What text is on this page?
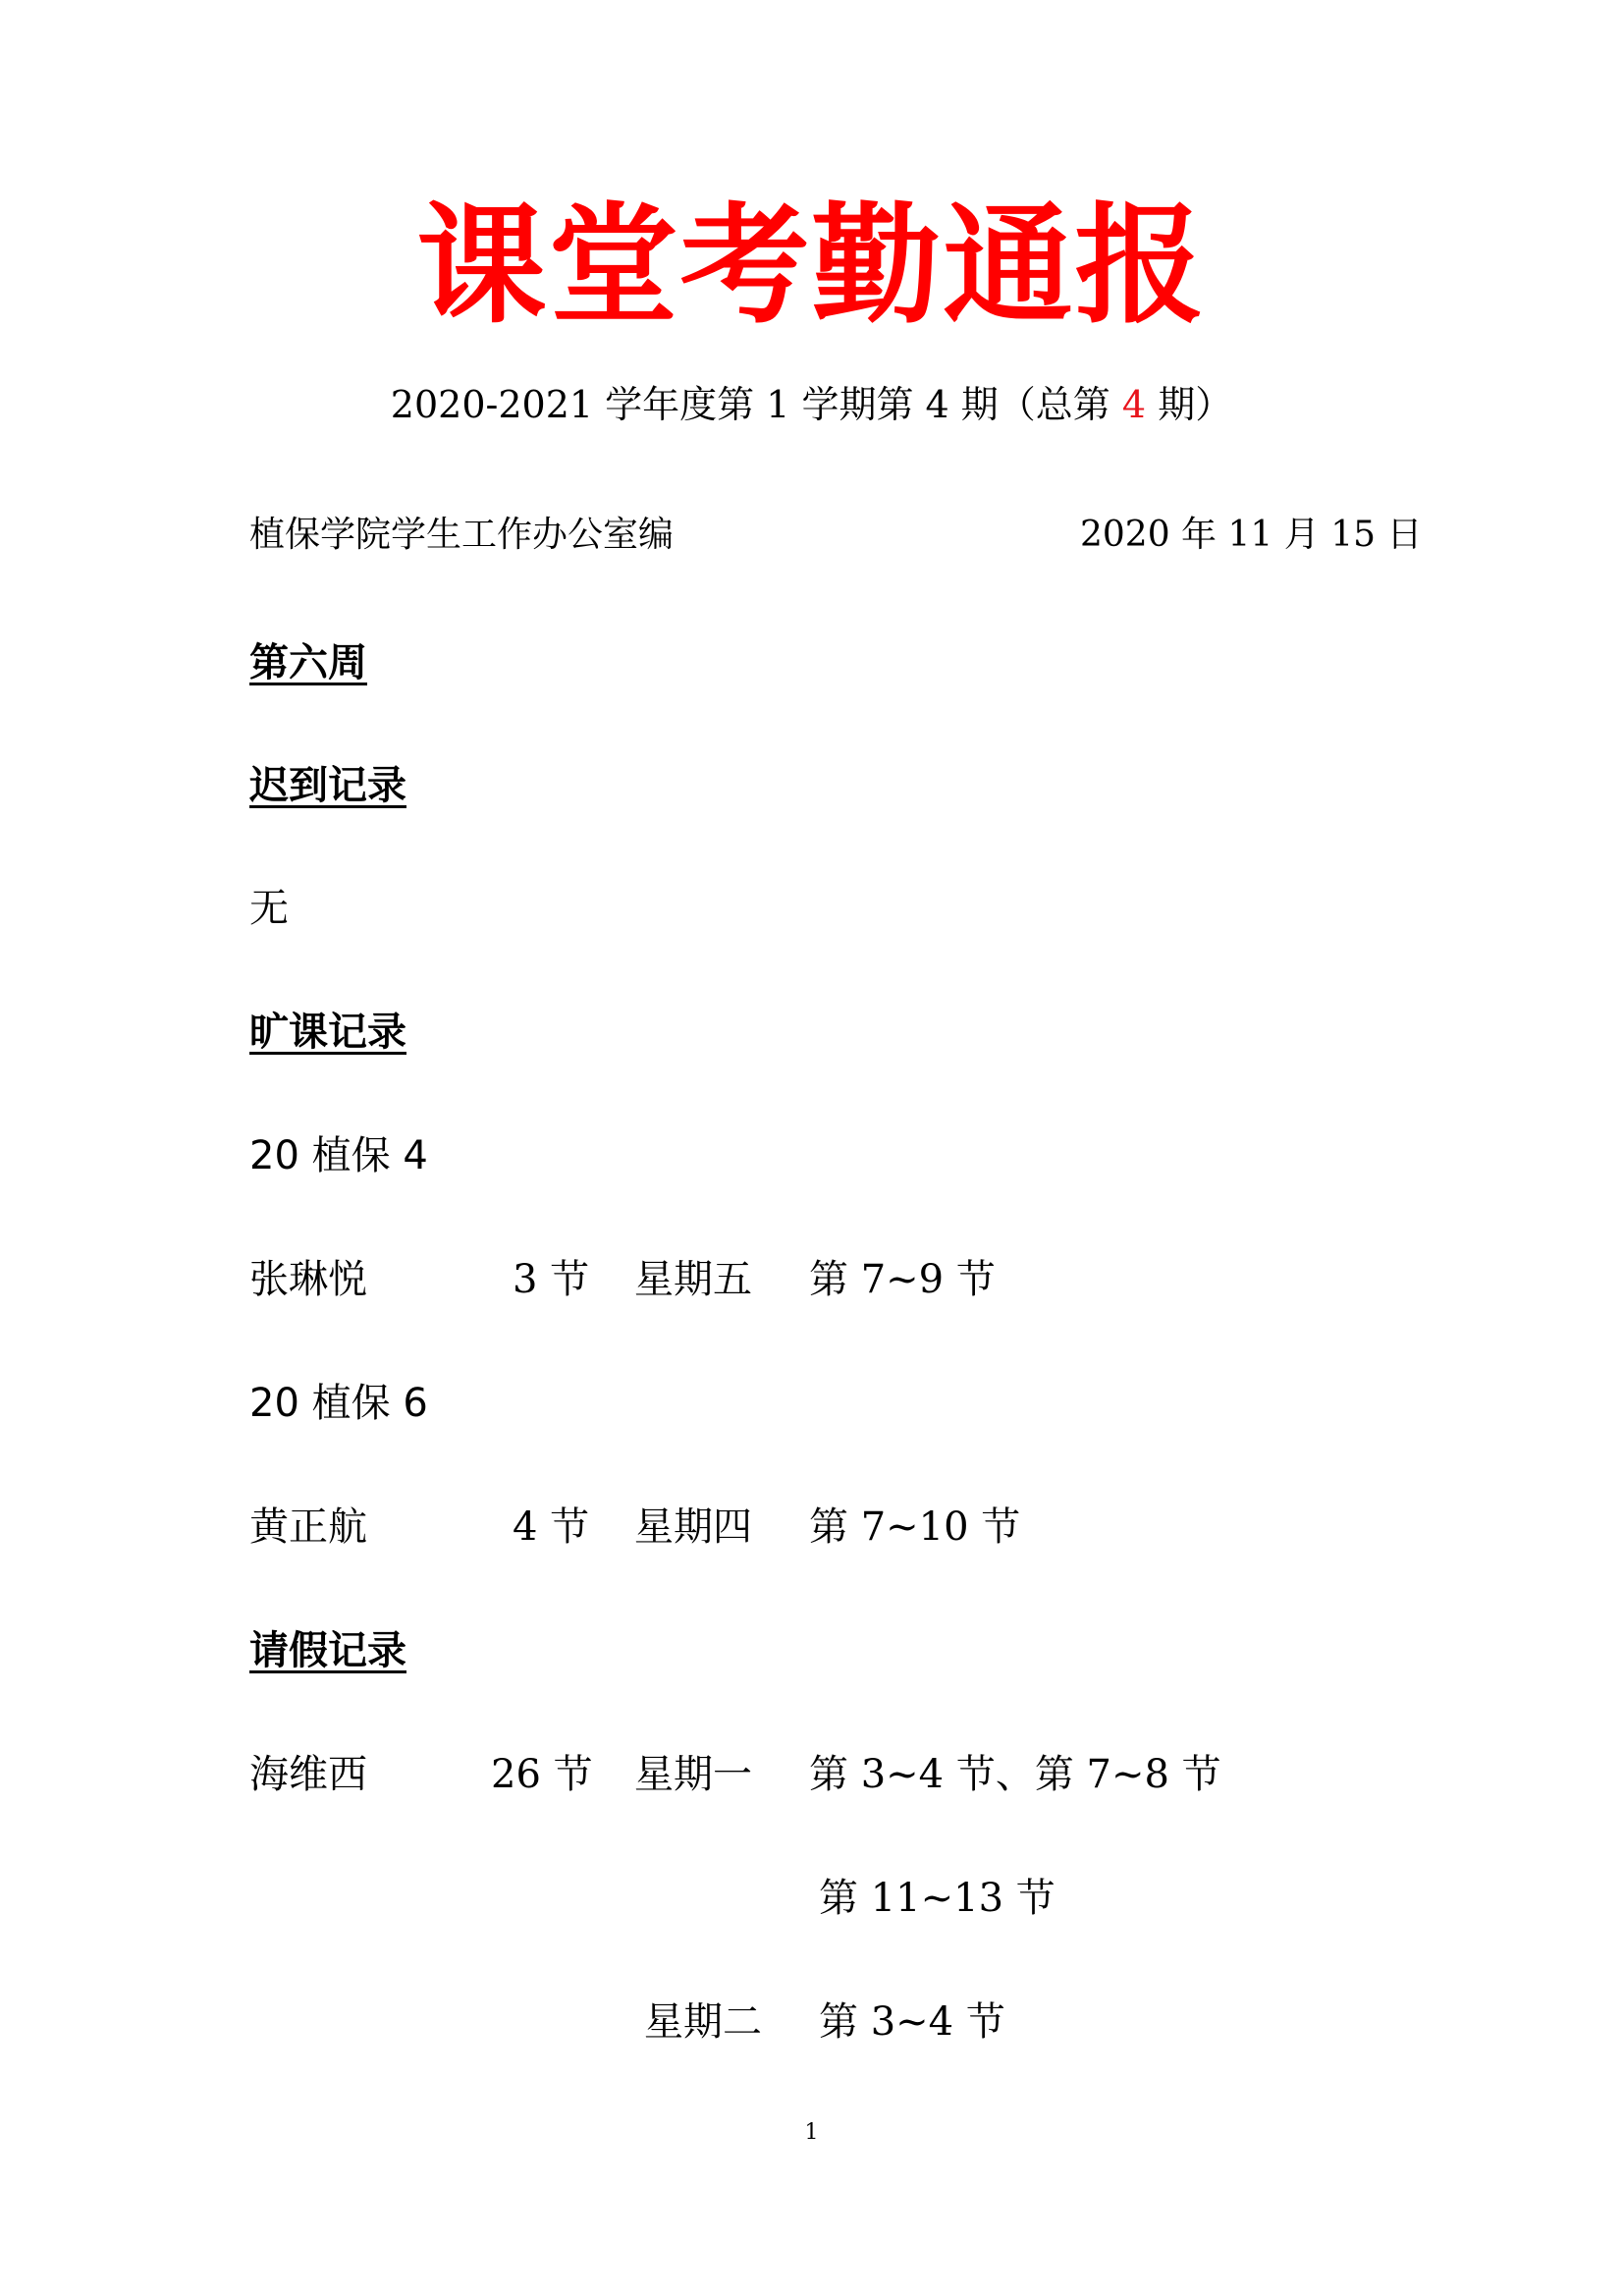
课堂考勤通报
2020-2021 学年度第 1 学期第 4 期（总第 4 期）
植保学院学生工作办公室编	2020 年 11 月 15 日
第六周
迟到记录
无
旷课记录
20 植保 4
张琳悦	3 节 星期五 第 7~9 节
20 植保 6
黄正航	4 节 星期四 第 7~10 节
请假记录
海维西	26 节 星期一 第 3~4 节、第 7~8 节
第 11~13 节
星期二 第 3~4 节
1
